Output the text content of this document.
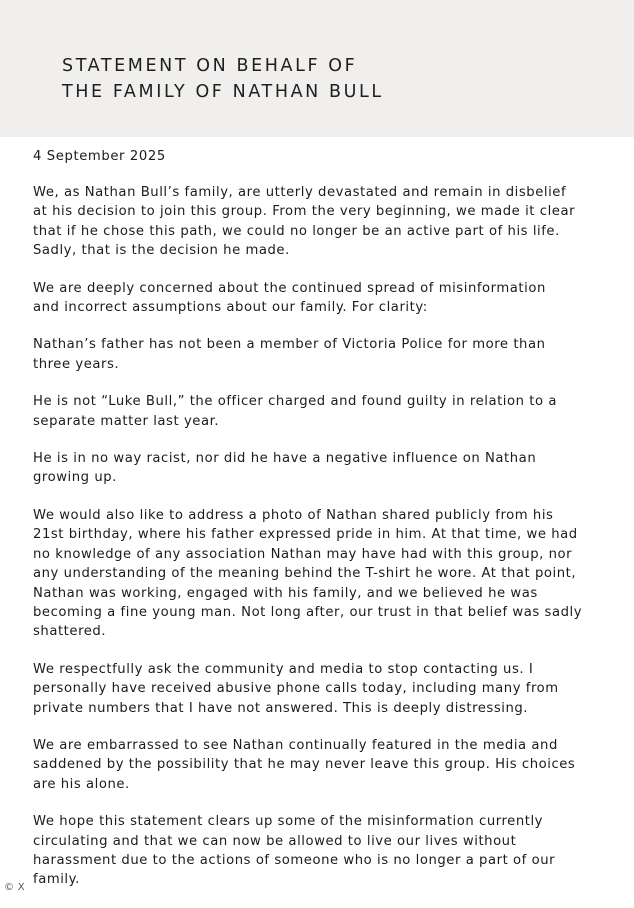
STATEMENT ON BEHALF OF
THE FAMILY OF NATHAN BULL
4 September 2025
We, as Nathan Bull’s family, are utterly devastated and remain in disbelief
at his decision to join this group. From the very beginning, we made it clear
that if he chose this path, we could no longer be an active part of his life.
Sadly, that is the decision he made.
We are deeply concerned about the continued spread of misinformation
and incorrect assumptions about our family. For clarity:
Nathan’s father has not been a member of Victoria Police for more than
three years.
He is not “Luke Bull,” the officer charged and found guilty in relation to a
separate matter last year.
He is in no way racist, nor did he have a negative influence on Nathan
growing up.
We would also like to address a photo of Nathan shared publicly from his
21st birthday, where his father expressed pride in him. At that time, we had
no knowledge of any association Nathan may have had with this group, nor
any understanding of the meaning behind the T-shirt he wore. At that point,
Nathan was working, engaged with his family, and we believed he was
becoming a fine young man. Not long after, our trust in that belief was sadly
shattered.
We respectfully ask the community and media to stop contacting us. I
personally have received abusive phone calls today, including many from
private numbers that I have not answered. This is deeply distressing.
We are embarrassed to see Nathan continually featured in the media and
saddened by the possibility that he may never leave this group. His choices
are his alone.
We hope this statement clears up some of the misinformation currently
circulating and that we can now be allowed to live our lives without
harassment due to the actions of someone who is no longer a part of our
family.
© X
